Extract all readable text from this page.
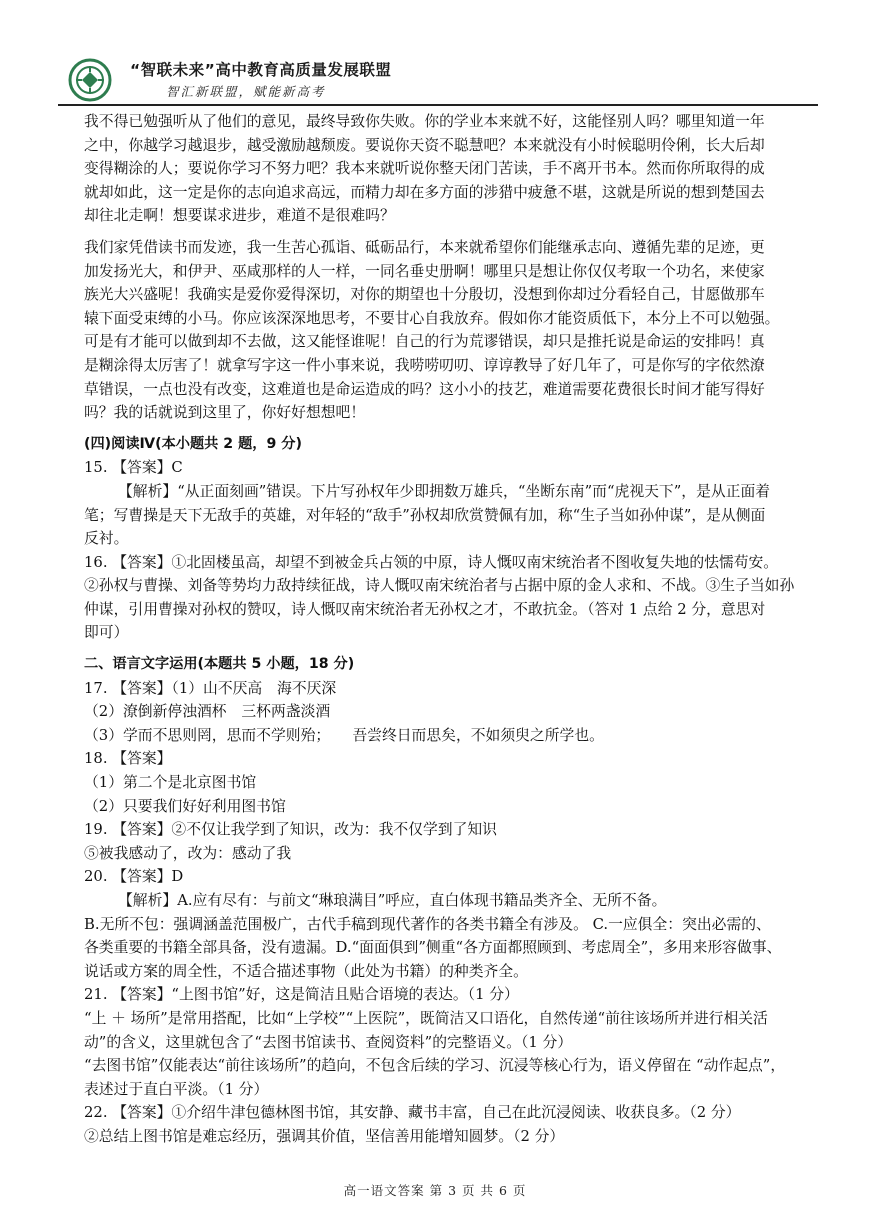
“智联未来”高中教育高质量发展联盟
智汇新联盟，赋能新高考

我不得已勉强听从了他们的意见，最终导致你失败。你的学业本来就不好，这能怪别人吗？哪里知道一年

之中，你越学习越退步，越受激励越颓废。要说你天资不聪慧吧？本来就没有小时候聪明伶俐，长大后却

变得糊涂的人；要说你学习不努力吧？我本来就听说你整天闭门苦读，手不离开书本。然而你所取得的成

就却如此，这一定是你的志向追求高远，而精力却在多方面的涉猎中疲惫不堪，这就是所说的想到楚国去

却往北走啊！想要谋求进步，难道不是很难吗？

我们家凭借读书而发迹，我一生苦心孤诣、砥砺品行，本来就希望你们能继承志向、遵循先辈的足迹，更

加发扬光大，和伊尹、巫咸那样的人一样，一同名垂史册啊！哪里只是想让你仅仅考取一个功名，来使家

族光大兴盛呢！我确实是爱你爱得深切，对你的期望也十分殷切，没想到你却过分看轻自己，甘愿做那车

辕下面受束缚的小马。你应该深深地思考，不要甘心自我放弃。假如你才能资质低下，本分上不可以勉强。

可是有才能可以做到却不去做，这又能怪谁呢！自己的行为荒谬错误，却只是推托说是命运的安排吗！真

是糊涂得太厉害了！就拿写字这一件小事来说，我唠唠叨叨、谆谆教导了好几年了，可是你写的字依然潦

草错误，一点也没有改变，这难道也是命运造成的吗？这小小的技艺，难道需要花费很长时间才能写得好

吗？我的话就说到这里了，你好好想想吧！

(四)阅读Ⅳ(本小题共 2 题，9 分)

15. 【答案】C

【解析】“从正面刻画”错误。下片写孙权年少即拥数万雄兵，“坐断东南”而“虎视天下”，是从正面着

笔；写曹操是天下无敌手的英雄，对年轻的“敌手”孙权却欣赏赞佩有加，称“生子当如孙仲谋”，是从侧面

反衬。

16. 【答案】①北固楼虽高，却望不到被金兵占领的中原，诗人慨叹南宋统治者不图收复失地的怯懦苟安。

②孙权与曹操、刘备等势均力敌持续征战，诗人慨叹南宋统治者与占据中原的金人求和、不战。③生子当如孙

仲谋，引用曹操对孙权的赞叹，诗人慨叹南宋统治者无孙权之才，不敢抗金。（答对 1 点给 2 分，意思对

即可）

二、语言文字运用(本题共 5 小题，18 分)

17. 【答案】（1）山不厌高　海不厌深

（2）潦倒新停浊酒杯　三杯两盏淡酒

（3）学而不思则罔，思而不学则殆；　　吾尝终日而思矣，不如须臾之所学也。

18. 【答案】

（1）第二个是北京图书馆

（2）只要我们好好利用图书馆

19. 【答案】②不仅让我学到了知识，改为：我不仅学到了知识

⑤被我感动了，改为：感动了我

20. 【答案】D

【解析】A.应有尽有：与前文“琳琅满目”呼应，直白体现书籍品类齐全、无所不备。

B.无所不包：强调涵盖范围极广，古代手稿到现代著作的各类书籍全有涉及。 C.一应俱全：突出必需的、

各类重要的书籍全部具备，没有遗漏。D.“面面俱到”侧重“各方面都照顾到、考虑周全”，多用来形容做事、

说话或方案的周全性，不适合描述事物（此处为书籍）的种类齐全。

21. 【答案】“上图书馆”好，这是简洁且贴合语境的表达。（1 分）

“上 ＋ 场所”是常用搭配，比如“上学校”“上医院”，既简洁又口语化，自然传递“前往该场所并进行相关活

动”的含义，这里就包含了“去图书馆读书、查阅资料”的完整语义。（1 分）

“去图书馆”仅能表达“前往该场所”的趋向，不包含后续的学习、沉浸等核心行为，语义停留在 “动作起点”，

表述过于直白平淡。（1 分）

22. 【答案】①介绍牛津包德林图书馆，其安静、藏书丰富，自己在此沉浸阅读、收获良多。（2 分）

②总结上图书馆是难忘经历，强调其价值，坚信善用能增知圆梦。（2 分）

高一语文答案 第 3 页 共 6 页
